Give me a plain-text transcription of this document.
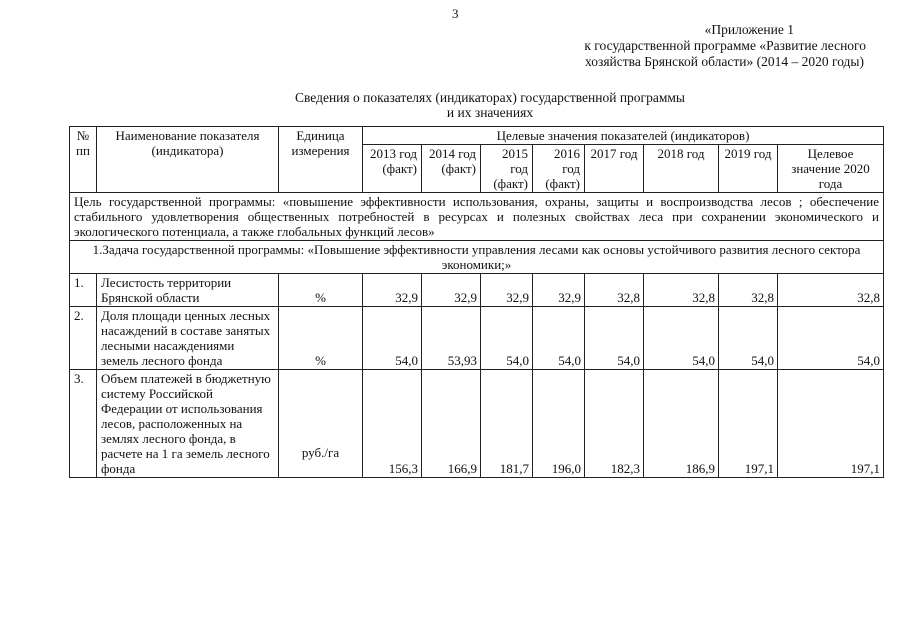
3
«Приложение 1
к государственной программе «Развитие лесного
хозяйства Брянской области» (2014 – 2020 годы)
Сведения о показателях (индикаторах) государственной программы
и их значениях
№ пп	Наименование показателя (индикатора)	Единица измерения	Целевые значения показателей (индикаторов)							
			2013 год (факт)	2014 год (факт)	2015 год (факт)	2016 год (факт)	2017 год	2018 год	2019 год	Целевое значение 2020 года
Цель государственной программы: «повышение эффективности использования, охраны, защиты и воспроизводства лесов ; обеспечение стабильного удовлетворения общественных потребностей в ресурсах и полезных свойствах леса при сохранении экономического и экологического потенциала, а также глобальных функций лесов»										
1.Задача государственной программы: «Повышение эффективности управления лесами как основы устойчивого развития лесного сектора экономики;»										
1.	Лесистость территории Брянской области	%	32,9	32,9	32,9	32,9	32,8	32,8	32,8	32,8
2.	Доля площади ценных лесных насаждений в составе занятых лесными насаждениями земель лесного фонда	%	54,0	53,93	54,0	54,0	54,0	54,0	54,0	54,0
3.	Объем платежей в бюджетную систему Российской Федерации от использования лесов, расположенных на землях лесного фонда, в расчете на 1 га земель лесного фонда	руб./га	156,3	166,9	181,7	196,0	182,3	186,9	197,1	197,1
